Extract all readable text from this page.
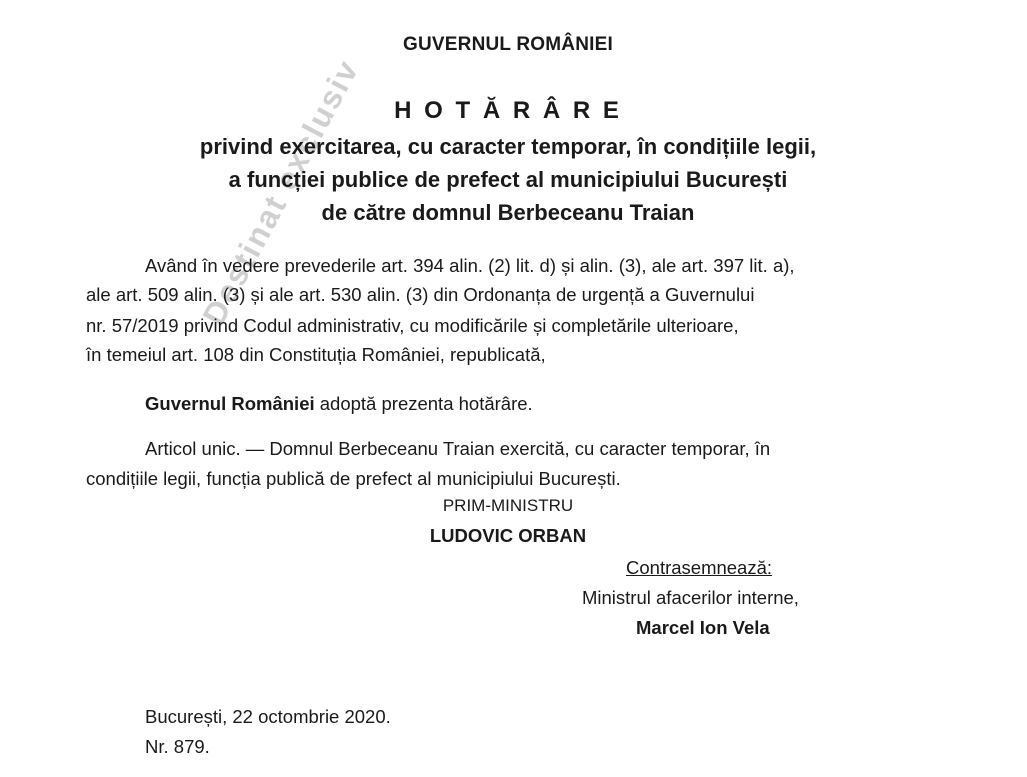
Destinat exclusiv
GUVERNUL ROMÂNIEI
H O T Ă R Â R E
privind exercitarea, cu caracter temporar, în condițiile legii,
a funcției publice de prefect al municipiului București
de către domnul Berbeceanu Traian
Având în vedere prevederile art. 394 alin. (2) lit. d) și alin. (3), ale art. 397 lit. a),
ale art. 509 alin. (3) și ale art. 530 alin. (3) din Ordonanța de urgență a Guvernului
nr. 57/2019 privind Codul administrativ, cu modificările și completările ulterioare,
în temeiul art. 108 din Constituția României, republicată,
Guvernul României adoptă prezenta hotărâre.
Articol unic. — Domnul Berbeceanu Traian exercită, cu caracter temporar, în
condițiile legii, funcția publică de prefect al municipiului București.
PRIM-MINISTRU
LUDOVIC ORBAN
Contrasemnează:
Ministrul afacerilor interne,
Marcel Ion Vela
București, 22 octombrie 2020.
Nr. 879.
